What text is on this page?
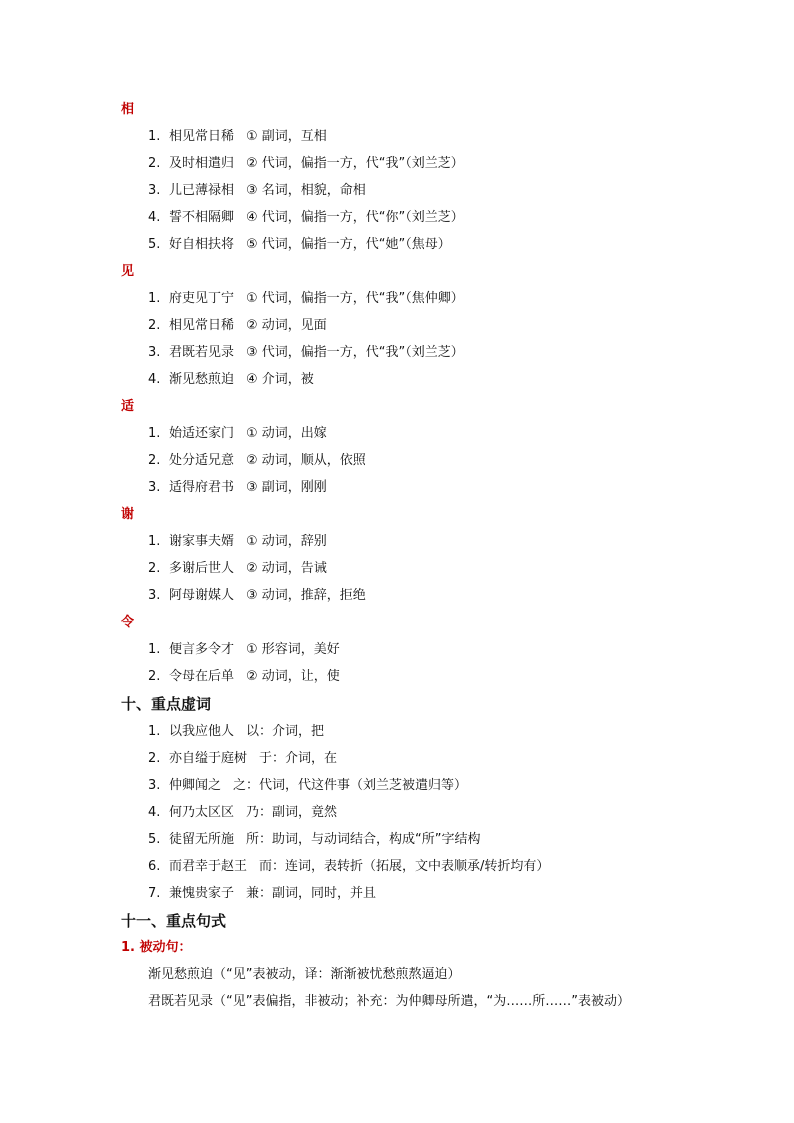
相
1. 相见常日稀 ① 副词，互相
2. 及时相遣归 ② 代词，偏指一方，代“我”（刘兰芝）
3. 儿已薄禄相 ③ 名词，相貌，命相
4. 誓不相隔卿 ④ 代词，偏指一方，代“你”（刘兰芝）
5. 好自相扶将 ⑤ 代词，偏指一方，代“她”（焦母）
见
1. 府吏见丁宁 ① 代词，偏指一方，代“我”（焦仲卿）
2. 相见常日稀 ② 动词，见面
3. 君既若见录 ③ 代词，偏指一方，代“我”（刘兰芝）
4. 渐见愁煎迫 ④ 介词，被
适
1. 始适还家门 ① 动词，出嫁
2. 处分适兄意 ② 动词，顺从，依照
3. 适得府君书 ③ 副词，刚刚
谢
1. 谢家事夫婿 ① 动词，辞别
2. 多谢后世人 ② 动词，告诫
3. 阿母谢媒人 ③ 动词，推辞，拒绝
令
1. 便言多令才 ① 形容词，美好
2. 令母在后单 ② 动词，让，使
十、重点虚词
1. 以我应他人 以：介词，把
2. 亦自缢于庭树 于：介词，在
3. 仲卿闻之 之：代词，代这件事（刘兰芝被遣归等）
4. 何乃太区区 乃：副词，竟然
5. 徒留无所施 所：助词，与动词结合，构成“所”字结构
6. 而君幸于赵王 而：连词，表转折（拓展，文中表顺承/转折均有）
7. 兼愧贵家子 兼：副词，同时，并且
十一、重点句式
1. 被动句：
渐见愁煎迫（“见”表被动，译：渐渐被忧愁煎熬逼迫）
君既若见录（“见”表偏指，非被动；补充：为仲卿母所遣，“为……所……”表被动）
